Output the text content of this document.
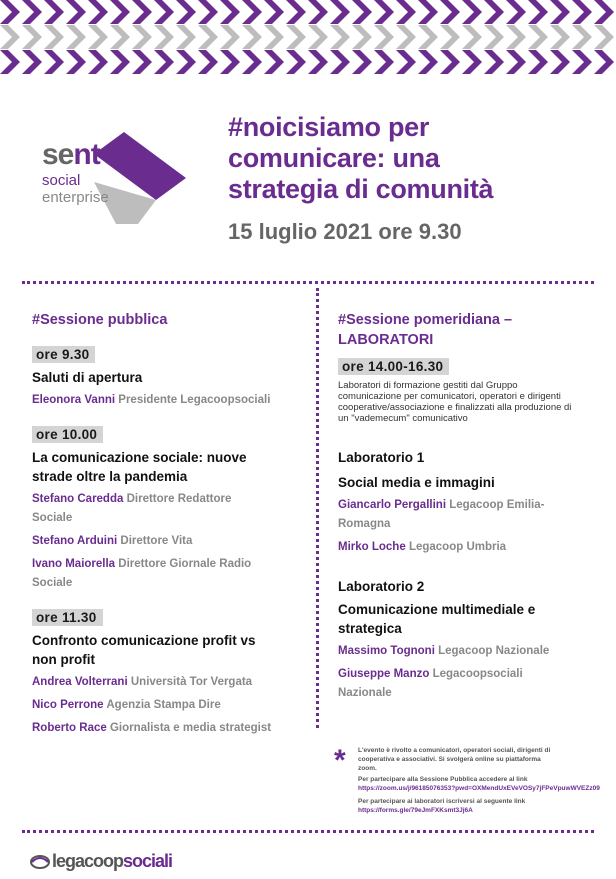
sent
social
enterprise
#noicisiamo per
comunicare: una
strategia di comunità
15 luglio 2021 ore 9.30
#Sessione pubblica
ore 9.30
Saluti di apertura
Eleonora Vanni Presidente Legacoopsociali
ore 10.00
La comunicazione sociale: nuove
strade oltre la pandemia
Stefano Caredda Direttore Redattore
Sociale
Stefano Arduini Direttore Vita
Ivano Maiorella Direttore Giornale Radio
Sociale
ore 11.30
Confronto comunicazione profit vs
non profit
Andrea Volterrani Università Tor Vergata
Nico Perrone Agenzia Stampa Dire
Roberto Race Giornalista e media strategist
#Sessione pomeridiana –
LABORATORI
ore 14.00-16.30
Laboratori di formazione gestiti dal Gruppo
comunicazione per comunicatori, operatori e dirigenti
cooperative/associazione e finalizzati alla produzione di
un "vademecum" comunicativo
Laboratorio 1
Social media e immagini
Giancarlo Pergallini Legacoop Emilia-
Romagna
Mirko Loche Legacoop Umbria
Laboratorio 2
Comunicazione multimediale e
strategica
Massimo Tognoni Legacoop Nazionale
Giuseppe Manzo Legacoopsociali
Nazionale
* L'evento è rivolto a comunicatori, operatori sociali, dirigenti di
cooperativa e associativi. Si svolgerà online su piattaforma
zoom.
Per partecipare alla Sessione Pubblica accedere al link
https://zoom.us/j/96185076353?pwd=OXMendUxEVeVOSy7jFPeVpuwWVEZz09
Per partecipare ai laboratori iscriversi al seguente link
https://forms.gle/79eJmFXKsmt3Jj6A
legacoopsociali
